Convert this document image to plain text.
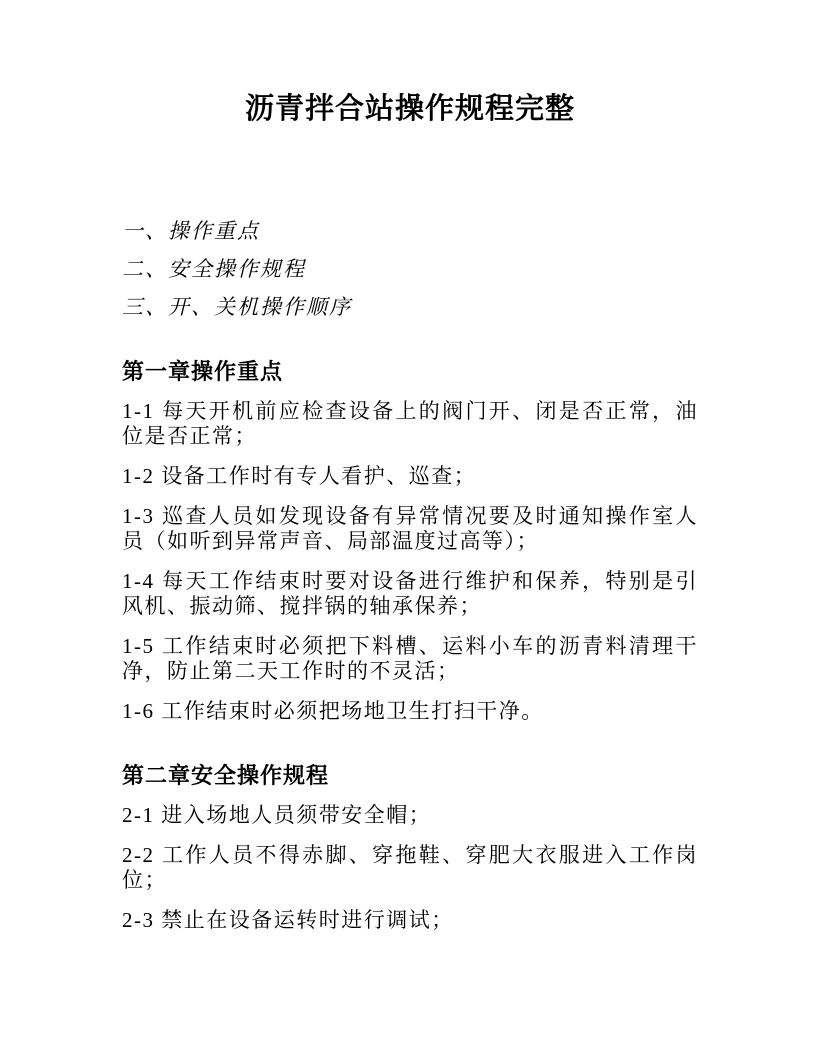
沥青拌合站操作规程完整
一、操作重点
二、安全操作规程
三、开、关机操作顺序
第一章操作重点

1-1 每天开机前应检查设备上的阀门开、闭是否正常，油位是否正常；

1-2 设备工作时有专人看护、巡查；

1-3 巡查人员如发现设备有异常情况要及时通知操作室人员（如听到异常声音、局部温度过高等）；

1-4 每天工作结束时要对设备进行维护和保养，特别是引风机、振动筛、搅拌锅的轴承保养；

1-5 工作结束时必须把下料槽、运料小车的沥青料清理干净，防止第二天工作时的不灵活；

1-6 工作结束时必须把场地卫生打扫干净。

第二章安全操作规程

2-1 进入场地人员须带安全帽；

2-2 工作人员不得赤脚、穿拖鞋、穿肥大衣服进入工作岗位；

2-3 禁止在设备运转时进行调试；
